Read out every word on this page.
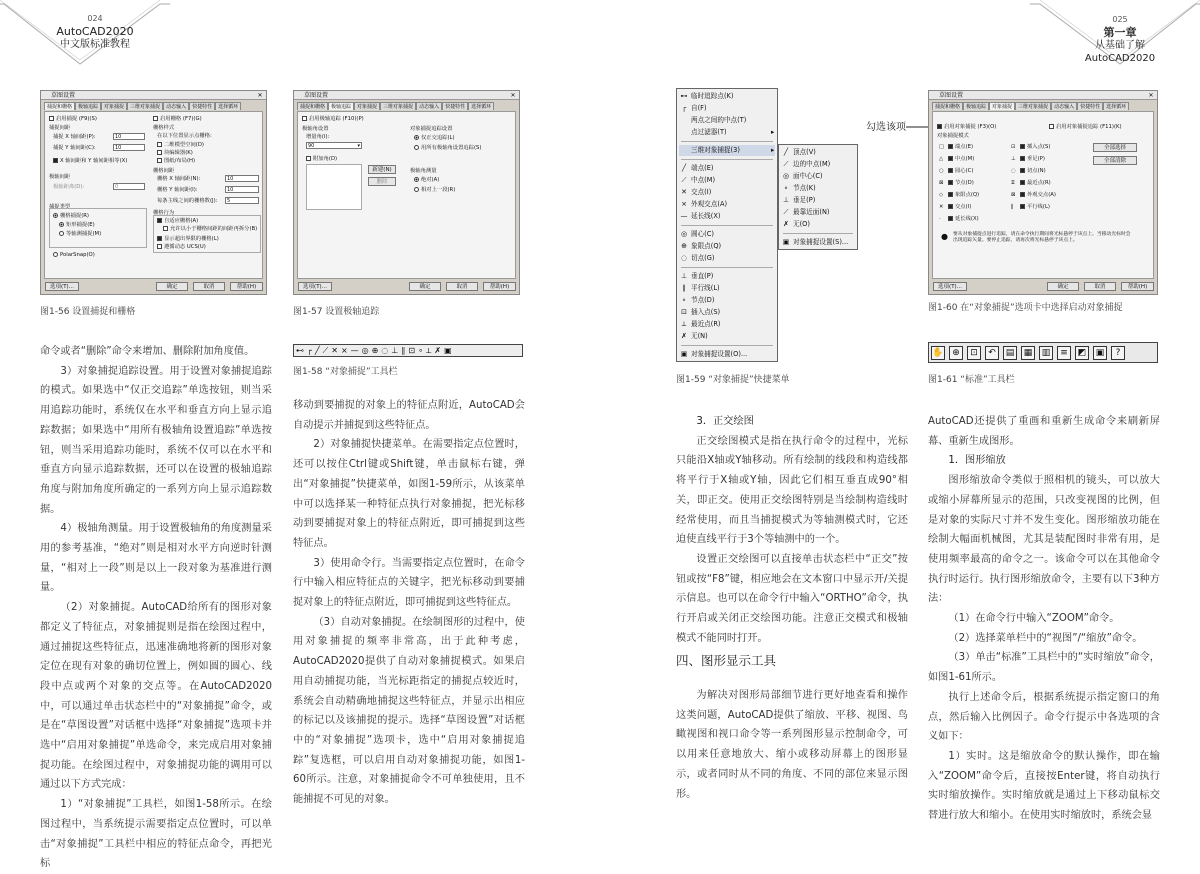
024
AutoCAD2020
中文版标准教程
025
第一章
从基础了解
AutoCAD2020
草图设置	✕
捕捉和栅格	极轴追踪	对象捕捉	三维对象捕捉	动态输入	快捷特性	选择循环
启用捕捉 (F9)(S)	启用栅格 (F7)(G)
捕捉间距
捕捉 X 轴间距(P):	10
捕捉 Y 轴间距(C):	10
X 轴间距和 Y 轴间距相等(X)
极轴间距
极轴距离(D):	0
捕捉类型
栅格捕捉(R)
矩形捕捉(E)
等轴测捕捉(M)
PolarSnap(O)
栅格样式
在以下位置显示点栅格:
二维模型空间(D)
块编辑器(K)
图纸/布局(H)
栅格间距
栅格 X 轴间距(N):	10
栅格 Y 轴间距(I):	10
每条主线之间的栅格数(J):	5
栅格行为
自适应栅格(A)
允许以小于栅格间距的间距再拆分(B)
显示超出界限的栅格(L)
遵循动态 UCS(U)
选项(T)...	确定	取消	帮助(H)
图1-56 设置捕捉和栅格
草图设置	✕
捕捉和栅格	极轴追踪	对象捕捉	三维对象捕捉	动态输入	快捷特性	选择循环
启用极轴追踪 (F10)(P)
极轴角设置
增量角(I):
90	▾
附加角(D)
新建(N)
删除
对象捕捉追踪设置
仅正交追踪(L)
用所有极轴角设置追踪(S)
极轴角测量
绝对(A)
相对上一段(R)
选项(T)...	确定	取消	帮助(H)
图1-57 设置极轴追踪
⊷ ┌ ╱ ⟋ ✕ ⨯ — ◎ ⊕ ◌ ⊥ ∥ ⊡ ∘ ⟂ ✗ ▣
图1-58 “对象捕捉”工具栏

命令或者“删除”命令来增加、删除附加角度值。

3）对象捕捉追踪设置。用于设置对象捕捉追踪的模式。如果选中“仅正交追踪”单选按钮，则当采用追踪功能时，系统仅在水平和垂直方向上显示追踪数据；如果选中“用所有极轴角设置追踪”单选按钮，则当采用追踪功能时，系统不仅可以在水平和垂直方向显示追踪数据，还可以在设置的极轴追踪角度与附加角度所确定的一系列方向上显示追踪数据。

4）极轴角测量。用于设置极轴角的角度测量采用的参考基准，“绝对”则是相对水平方向逆时针测量，“相对上一段”则是以上一段对象为基准进行测量。

（2）对象捕捉。AutoCAD给所有的图形对象都定义了特征点，对象捕捉则是指在绘图过程中，通过捕捉这些特征点，迅速准确地将新的图形对象定位在现有对象的确切位置上，例如圆的圆心、线段中点或两个对象的交点等。在AutoCAD2020中，可以通过单击状态栏中的“对象捕捉”命令，或是在“草图设置”对话框中选择“对象捕捉”选项卡并选中“启用对象捕捉”单选命令，来完成启用对象捕捉功能。在绘图过程中，对象捕捉功能的调用可以通过以下方式完成：

1）“对象捕捉”工具栏，如图1-58所示。在绘图过程中，当系统提示需要指定点位置时，可以单击“对象捕捉”工具栏中相应的特征点命令，再把光标

移动到要捕捉的对象上的特征点附近，AutoCAD会自动提示并捕捉到这些特征点。

2）对象捕捉快捷菜单。在需要指定点位置时，还可以按住Ctrl键或Shift键，单击鼠标右键，弹出“对象捕捉”快捷菜单，如图1-59所示，从该菜单中可以选择某一种特征点执行对象捕捉，把光标移动到要捕捉对象上的特征点附近，即可捕捉到这些特征点。

3）使用命令行。当需要指定点位置时，在命令行中输入相应特征点的关键字，把光标移动到要捕捉对象上的特征点附近，即可捕捉到这些特征点。

（3）自动对象捕捉。在绘制图形的过程中，使用对象捕捉的频率非常高，出于此种考虑，AutoCAD2020提供了自动对象捕捉模式。如果启用自动捕捉功能，当光标距指定的捕捉点较近时，系统会自动精确地捕捉这些特征点，并显示出相应的标记以及该捕捉的提示。选择“草图设置”对话框中的“对象捕捉”选项卡，选中“启用对象捕捉追踪”复选框，可以启用自动对象捕捉功能，如图1-60所示。注意，对象捕捉命令不可单独使用，且不能捕捉不可见的对象。

⊷ 临时追踪点(K)
┌ 自(F)
两点之间的中点(T)
点过滤器(T)	▸
三维对象捕捉(3)	▸
╱ 端点(E)
⟋ 中点(M)
✕ 交点(I)
⨯ 外观交点(A)
— 延长线(X)
◎ 圆心(C)
⊕ 象限点(Q)
◌ 切点(G)
⊥ 垂直(P)
∥ 平行线(L)
∘ 节点(D)
⊡ 插入点(S)
⟂ 最近点(R)
✗ 无(N)
▣ 对象捕捉设置(O)...
╱ 顶点(V)
⟋ 边的中点(M)
◎ 面中心(C)
∘ 节点(K)
⊥ 垂足(P)
⟋ 最靠近面(N)
✗ 无(O)
▣ 对象捕捉设置(S)...
图1-59 “对象捕捉”快捷菜单
勾选该项
草图设置	✕
捕捉和栅格	极轴追踪	对象捕捉	三维对象捕捉	动态输入	快捷特性	选择循环
启用对象捕捉 (F3)(O)	启用对象捕捉追踪 (F11)(K)
对象捕捉模式
□ 端点(E)
△ 中点(M)
○ 圆心(C)
⊠ 节点(D)
◇ 象限点(Q)
✕ 交点(I)
·	延长线(X)
⊡ 插入点(S)
⊥ 垂足(P)
◌ 切点(N)
⧖ 最近点(R)
⊠ 外观交点(A)
∥	平行线(L)
全部选择
全部清除
● 要从对象捕捉点进行追踪，请在命令执行期间将光标悬停于该点上。当移动光标时会出现追踪矢量。要停止追踪，请再次将光标悬停于该点上。
选项(T)...	确定	取消	帮助(H)
图1-60 在“对象捕捉”选项卡中选择启动对象捕捉
✋ ⊕	⊡	↶	▤	▦	▥	≡	◩	▣	?
图1-61 “标准”工具栏

3．正交绘图

正交绘图模式是指在执行命令的过程中，光标只能沿X轴或Y轴移动。所有绘制的线段和构造线都将平行于X轴或Y轴，因此它们相互垂直成90°相关，即正交。使用正交绘图特别是当绘制构造线时经常使用，而且当捕捉模式为等轴测模式时，它还迫使直线平行于3个等轴测中的一个。

设置正交绘图可以直接单击状态栏中“正交”按钮或按“F8”键，相应地会在文本窗口中显示开/关提示信息。也可以在命令行中输入“ORTHO”命令，执行开启或关闭正交绘图功能。注意正交模式和极轴模式不能同时打开。

四、图形显示工具

为解决对图形局部细节进行更好地查看和操作这类问题，AutoCAD提供了缩放、平移、视图、鸟瞰视图和视口命令等一系列图形显示控制命令，可以用来任意地放大、缩小或移动屏幕上的图形显示，或者同时从不同的角度、不同的部位来显示图形。

AutoCAD还提供了重画和重新生成命令来刷新屏幕、重新生成图形。

1．图形缩放

图形缩放命令类似于照相机的镜头，可以放大或缩小屏幕所显示的范围，只改变视图的比例，但是对象的实际尺寸并不发生变化。图形缩放功能在绘制大幅面机械图，尤其是装配图时非常有用，是使用频率最高的命令之一。该命令可以在其他命令执行时运行。执行图形缩放命令，主要有以下3种方法：

（1）在命令行中输入“ZOOM”命令。

（2）选择菜单栏中的“视图”/“缩放”命令。

（3）单击“标准”工具栏中的“实时缩放”命令，如图1-61所示。

执行上述命令后，根据系统提示指定窗口的角点，然后输入比例因子。命令行提示中各选项的含义如下：

1）实时。这是缩放命令的默认操作，即在输入“ZOOM”命令后，直接按Enter键，将自动执行实时缩放操作。实时缩放就是通过上下移动鼠标交替进行放大和缩小。在使用实时缩放时，系统会显
